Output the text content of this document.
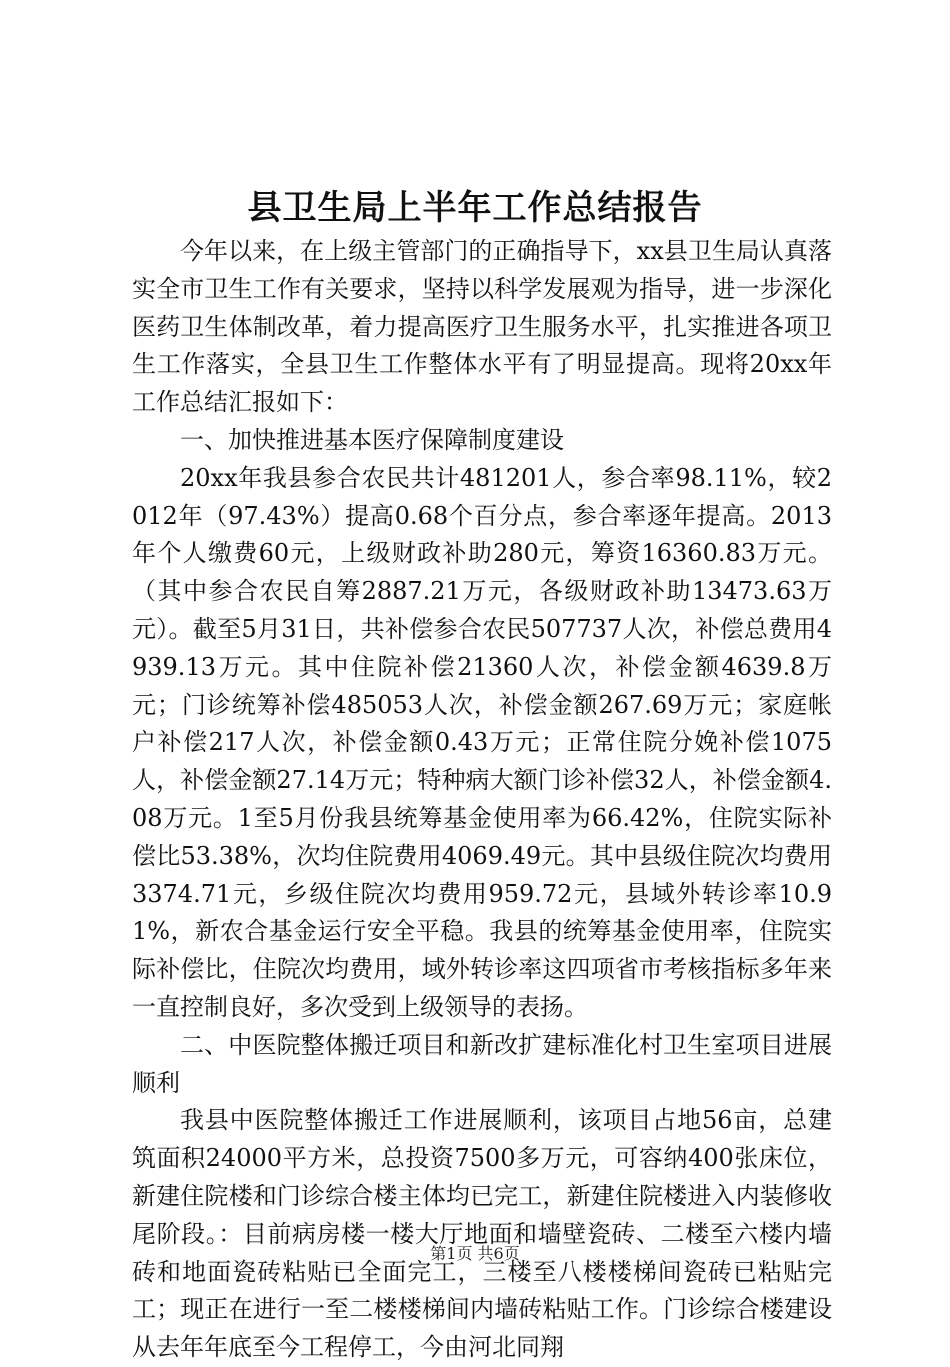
县卫生局上半年工作总结报告

今年以来，在上级主管部门的正确指导下，xx县卫生局认真落实全市卫生工作有关要求，坚持以科学发展观为指导，进一步深化医药卫生体制改革，着力提高医疗卫生服务水平，扎实推进各项卫生工作落实，全县卫生工作整体水平有了明显提高。现将20xx年工作总结汇报如下：

一、加快推进基本医疗保障制度建设

20xx年我县参合农民共计481201人，参合率98.11%，较2012年（97.43%）提高0.68个百分点，参合率逐年提高。2013年个人缴费60元，上级财政补助280元，筹资16360.83万元。（其中参合农民自筹2887.21万元，各级财政补助13473.63万元）。截至5月31日，共补偿参合农民507737人次，补偿总费用4939.13万元。其中住院补偿21360人次，补偿金额4639.8万元；门诊统筹补偿485053人次，补偿金额267.69万元；家庭帐户补偿217人次，补偿金额0.43万元；正常住院分娩补偿1075人，补偿金额27.14万元；特种病大额门诊补偿32人，补偿金额4.08万元。1至5月份我县统筹基金使用率为66.42%，住院实际补偿比53.38%，次均住院费用4069.49元。其中县级住院次均费用3374.71元，乡级住院次均费用959.72元，县域外转诊率10.91%，新农合基金运行安全平稳。我县的统筹基金使用率，住院实际补偿比，住院次均费用，域外转诊率这四项省市考核指标多年来一直控制良好，多次受到上级领导的表扬。

二、中医院整体搬迁项目和新改扩建标准化村卫生室项目进展顺利

我县中医院整体搬迁工作进展顺利，该项目占地56亩，总建筑面积24000平方米，总投资7500多万元，可容纳400张床位，新建住院楼和门诊综合楼主体均已完工，新建住院楼进入内装修收尾阶段。：目前病房楼一楼大厅地面和墙壁瓷砖、二楼至六楼内墙砖和地面瓷砖粘贴已全面完工，三楼至八楼楼梯间瓷砖已粘贴完工；现正在进行一至二楼楼梯间内墙砖粘贴工作。门诊综合楼建设从去年年底至今工程停工，今由河北同翔

第1页 共6页
